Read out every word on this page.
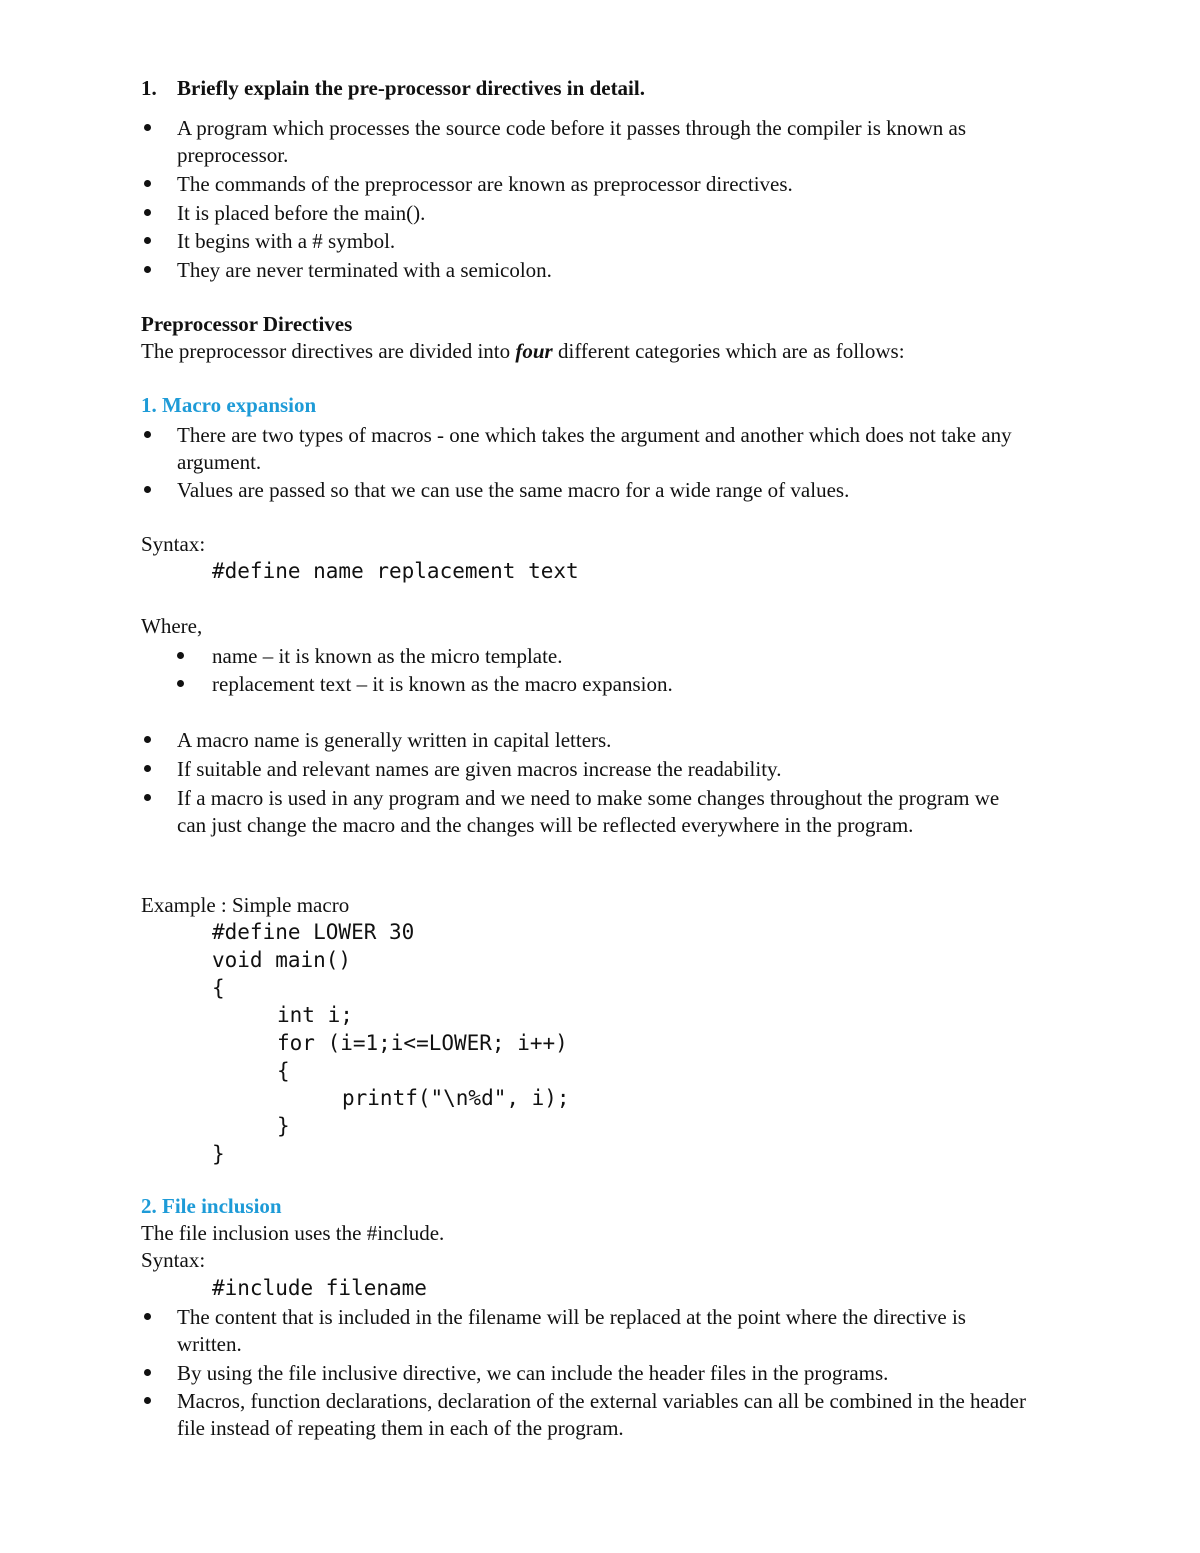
1. Briefly explain the pre-processor directives in detail.
A program which processes the source code before it passes through the compiler is known as
preprocessor.
The commands of the preprocessor are known as preprocessor directives.
It is placed before the main().
It begins with a # symbol.
They are never terminated with a semicolon.
Preprocessor Directives
The preprocessor directives are divided into four different categories which are as follows:
1. Macro expansion
There are two types of macros - one which takes the argument and another which does not take any
argument.
Values are passed so that we can use the same macro for a wide range of values.
Syntax:
#define name replacement text
Where,
name – it is known as the micro template.
replacement text – it is known as the macro expansion.
A macro name is generally written in capital letters.
If suitable and relevant names are given macros increase the readability.
If a macro is used in any program and we need to make some changes throughout the program we
can just change the macro and the changes will be reflected everywhere in the program.
Example : Simple macro
#define LOWER 30
void main()
{
int i;
for (i=1;i<=LOWER; i++)
{
printf("\n%d", i);
}
}
2. File inclusion
The file inclusion uses the #include.
Syntax:
#include filename
The content that is included in the filename will be replaced at the point where the directive is
written.
By using the file inclusive directive, we can include the header files in the programs.
Macros, function declarations, declaration of the external variables can all be combined in the header
file instead of repeating them in each of the program.
